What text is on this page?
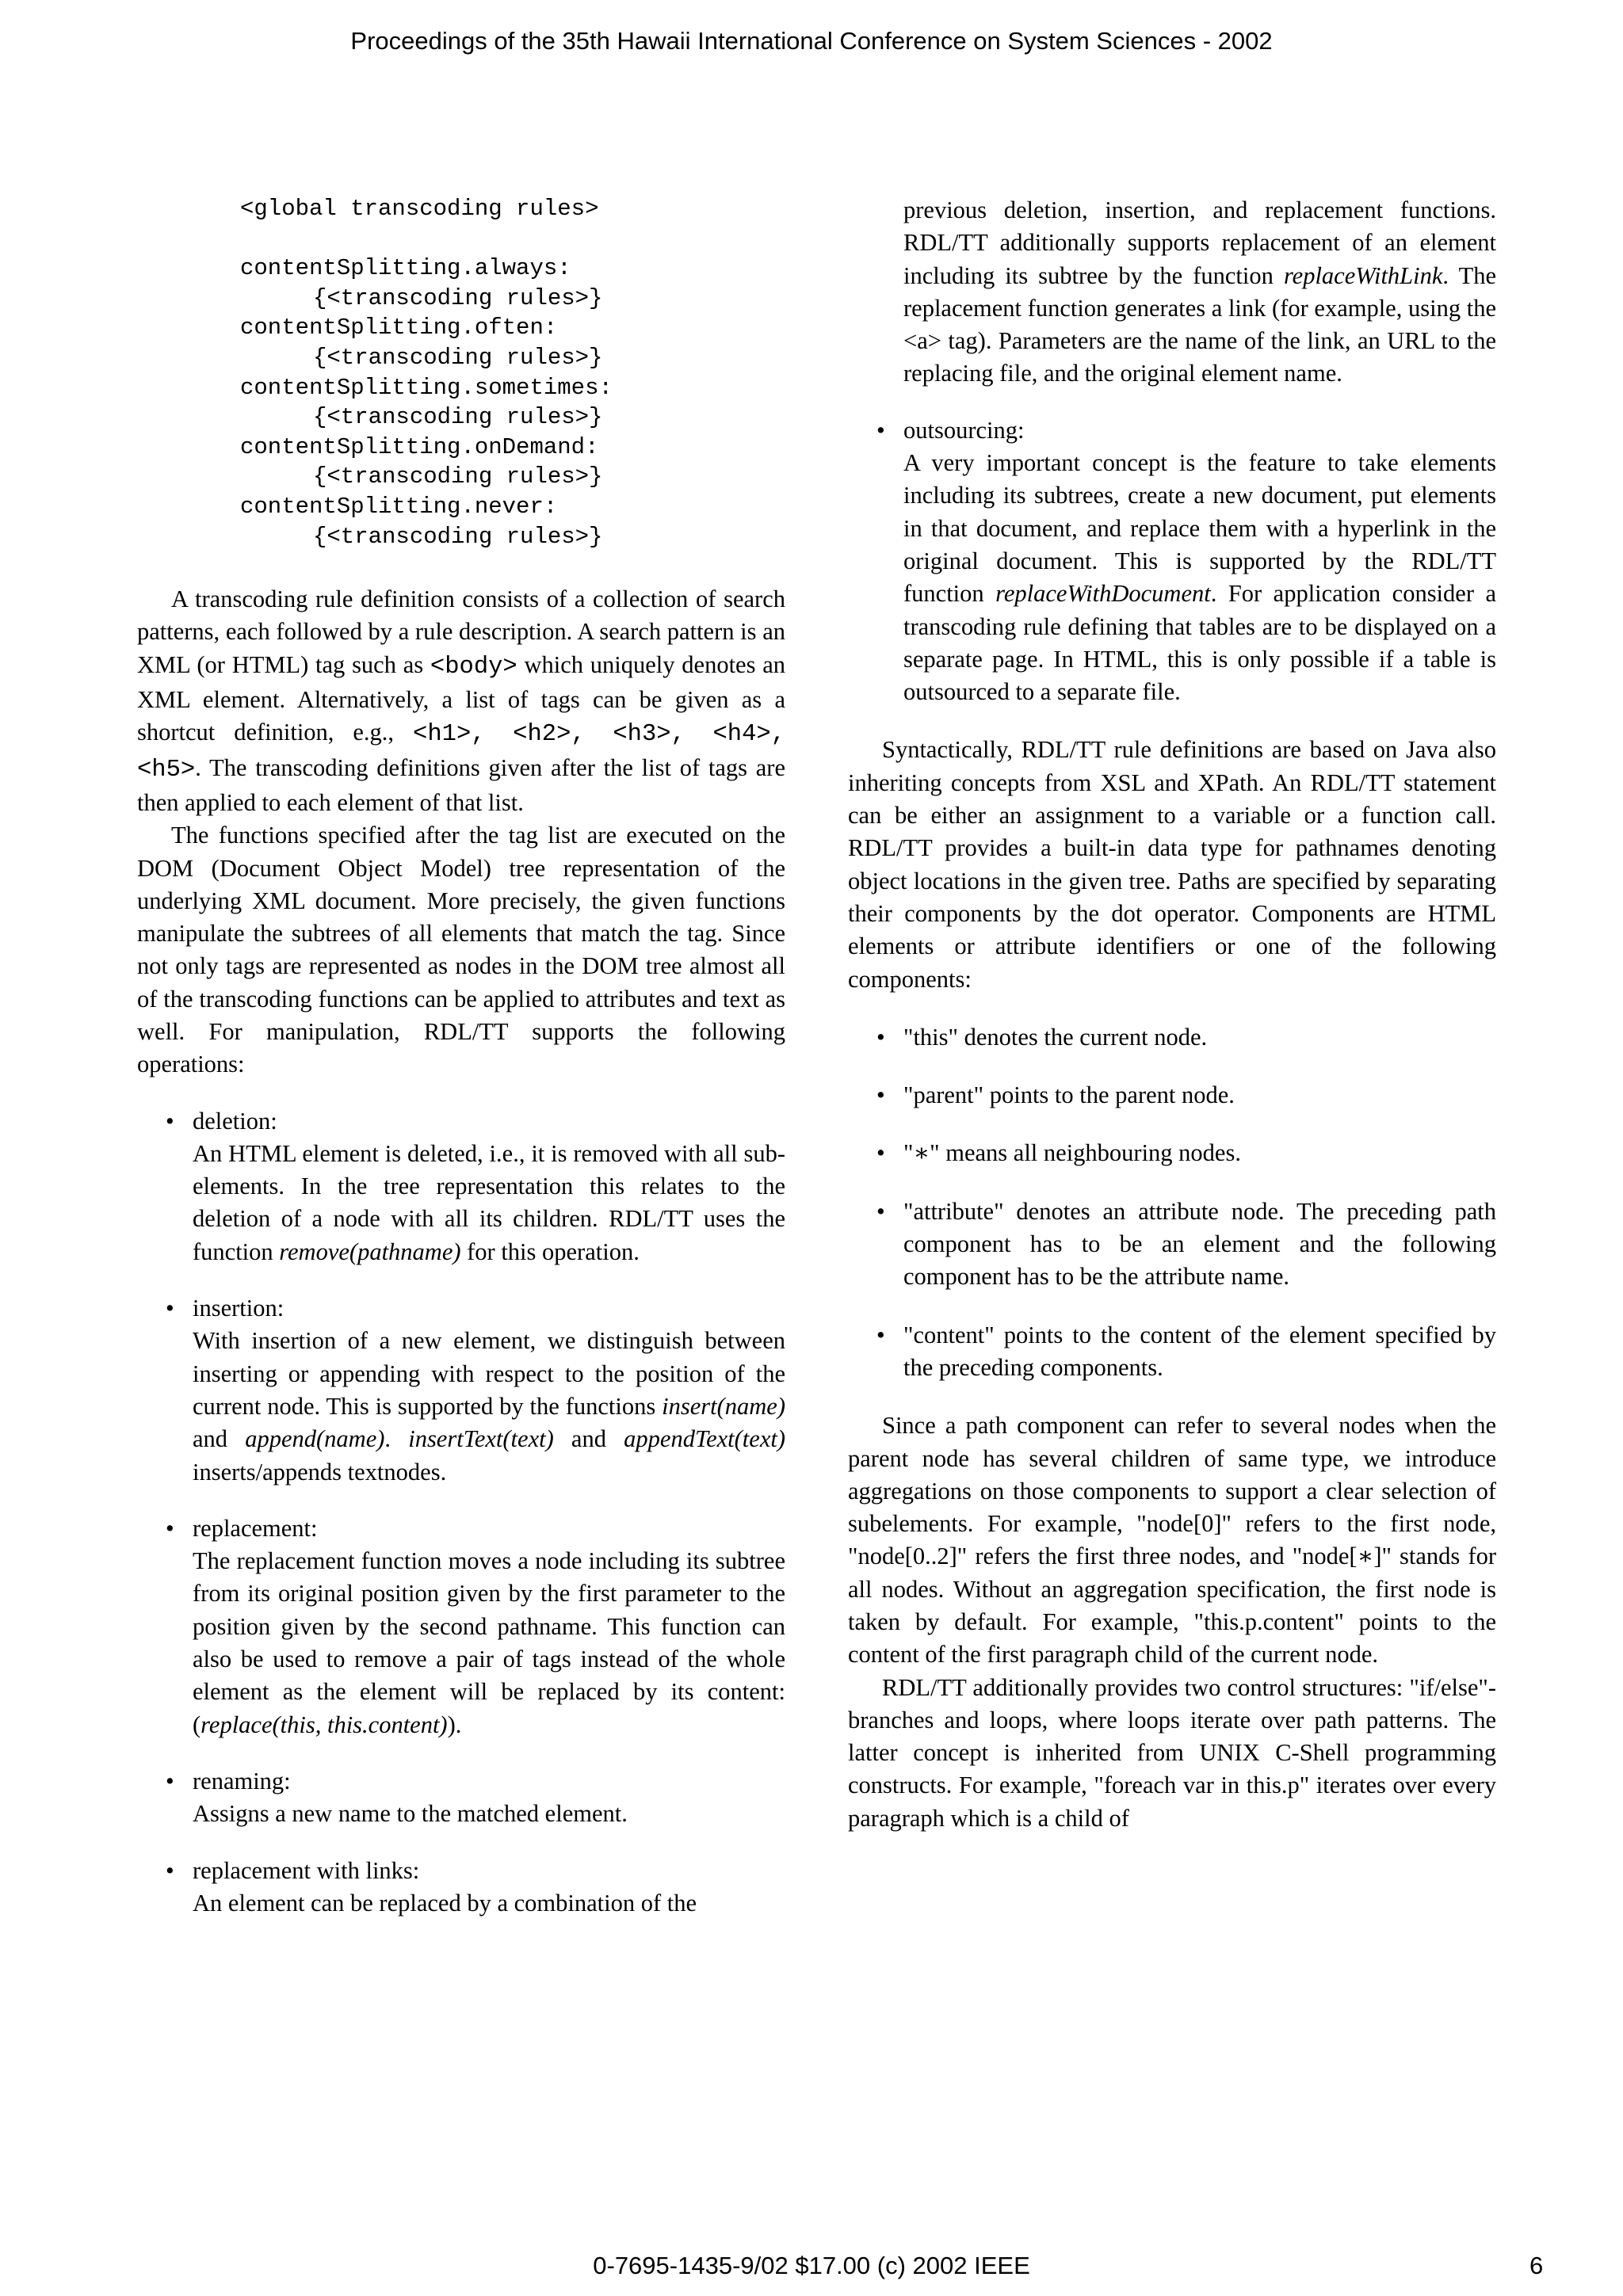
Proceedings of the 35th Hawaii International Conference on System Sciences - 2002
<global transcoding rules>
contentSplitting.always:
{<transcoding rules>}
contentSplitting.often:
{<transcoding rules>}
contentSplitting.sometimes:
{<transcoding rules>}
contentSplitting.onDemand:
{<transcoding rules>}
contentSplitting.never:
{<transcoding rules>}

A transcoding rule definition consists of a collection of search patterns, each followed by a rule description. A search pattern is an XML (or HTML) tag such as <body> which uniquely denotes an XML element. Alternatively, a list of tags can be given as a shortcut definition, e.g., <h1>, <h2>, <h3>, <h4>, <h5>. The transcoding definitions given after the list of tags are then applied to each element of that list.

The functions specified after the tag list are executed on the DOM (Document Object Model) tree representation of the underlying XML document. More precisely, the given functions manipulate the subtrees of all elements that match the tag. Since not only tags are represented as nodes in the DOM tree almost all of the transcoding functions can be applied to attributes and text as well. For manipulation, RDL/TT supports the following operations:

• deletion:
An HTML element is deleted, i.e., it is removed with all sub-elements. In the tree representation this relates to the deletion of a node with all its children. RDL/TT uses the function remove(pathname) for this operation.
• insertion:
With insertion of a new element, we distinguish between inserting or appending with respect to the position of the current node. This is supported by the functions insert(name) and append(name). insertText(text) and appendText(text) inserts/appends textnodes.
• replacement:
The replacement function moves a node including its subtree from its original position given by the first parameter to the position given by the second pathname. This function can also be used to remove a pair of tags instead of the whole element as the element will be replaced by its content: (replace(this, this.content)).
• renaming:
Assigns a new name to the matched element.
• replacement with links:
An element can be replaced by a combination of the
previous deletion, insertion, and replacement functions. RDL/TT additionally supports replacement of an element including its subtree by the function replaceWithLink. The replacement function generates a link (for example, using the <a> tag). Parameters are the name of the link, an URL to the replacing file, and the original element name.
• outsourcing:
A very important concept is the feature to take elements including its subtrees, create a new document, put elements in that document, and replace them with a hyperlink in the original document. This is supported by the RDL/TT function replaceWithDocument. For application consider a transcoding rule defining that tables are to be displayed on a separate page. In HTML, this is only possible if a table is outsourced to a separate file.

Syntactically, RDL/TT rule definitions are based on Java also inheriting concepts from XSL and XPath. An RDL/TT statement can be either an assignment to a variable or a function call. RDL/TT provides a built-in data type for pathnames denoting object locations in the given tree. Paths are specified by separating their components by the dot operator. Components are HTML elements or attribute identifiers or one of the following components:

• "this" denotes the current node.
• "parent" points to the parent node.
• "∗" means all neighbouring nodes.
• "attribute" denotes an attribute node. The preceding path component has to be an element and the following component has to be the attribute name.
• "content" points to the content of the element specified by the preceding components.

Since a path component can refer to several nodes when the parent node has several children of same type, we introduce aggregations on those components to support a clear selection of subelements. For example, "node[0]" refers to the first node, "node[0..2]" refers the first three nodes, and "node[∗]" stands for all nodes. Without an aggregation specification, the first node is taken by default. For example, "this.p.content" points to the content of the first paragraph child of the current node.

RDL/TT additionally provides two control structures: "if/else"-branches and loops, where loops iterate over path patterns. The latter concept is inherited from UNIX C-Shell programming constructs. For example, "foreach var in this.p" iterates over every paragraph which is a child of

0-7695-1435-9/02 $17.00 (c) 2002 IEEE	6
